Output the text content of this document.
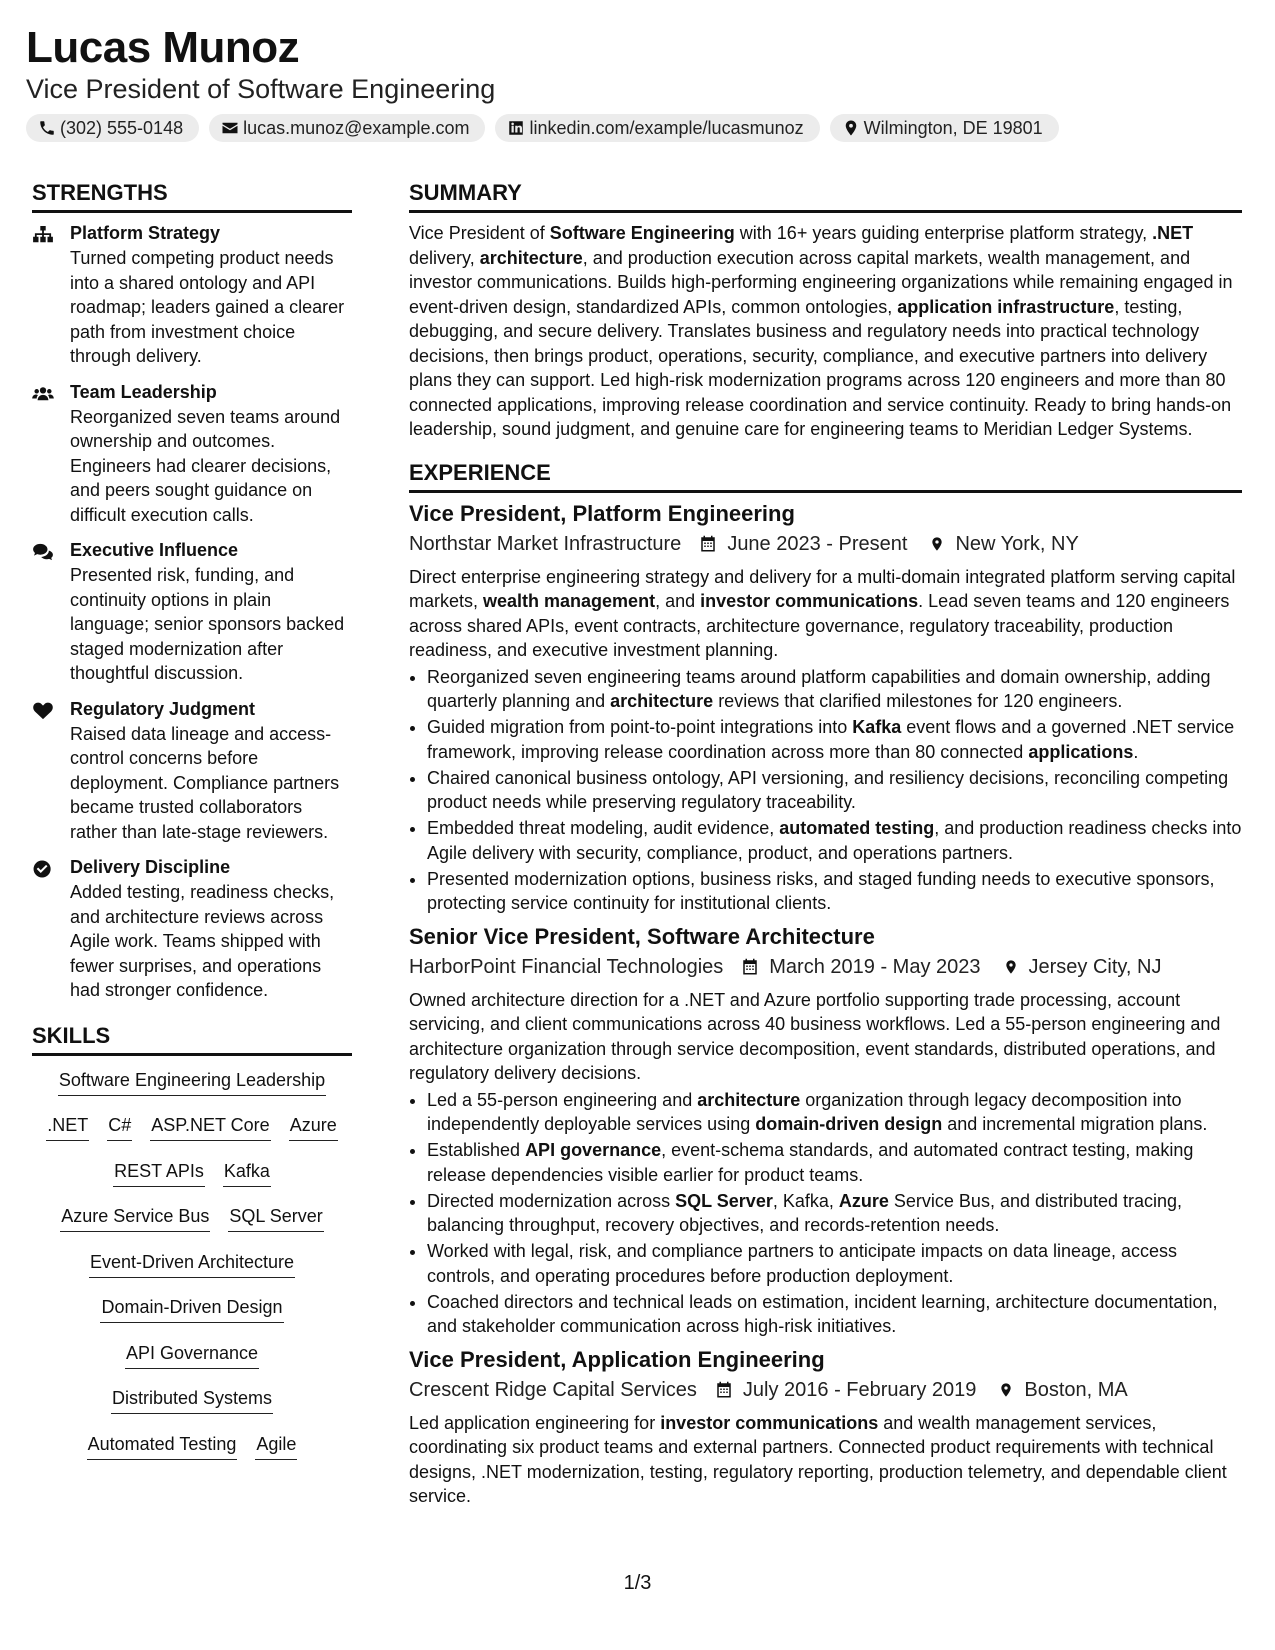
Lucas Munoz
Vice President of Software Engineering
(302) 555-0148	lucas.munoz@example.com	linkedin.com/example/lucasmunoz	Wilmington, DE 19801
STRENGTHS
Platform Strategy
Turned competing product needs into a shared ontology and API roadmap; leaders gained a clearer path from investment choice through delivery.
Team Leadership
Reorganized seven teams around ownership and outcomes. Engineers had clearer decisions, and peers sought guidance on difficult execution calls.
Executive Influence
Presented risk, funding, and continuity options in plain language; senior sponsors backed staged modernization after thoughtful discussion.
Regulatory Judgment
Raised data lineage and access-control concerns before deployment. Compliance partners became trusted collaborators rather than late-stage reviewers.
Delivery Discipline
Added testing, readiness checks, and architecture reviews across Agile work. Teams shipped with fewer surprises, and operations had stronger confidence.
SKILLS
Software Engineering Leadership
.NET C# ASP.NET Core Azure
REST APIs Kafka
Azure Service Bus SQL Server
Event-Driven Architecture
Domain-Driven Design
API Governance
Distributed Systems
Automated Testing Agile
SUMMARY
Vice President of Software Engineering with 16+ years guiding enterprise platform strategy, .NET delivery, architecture, and production execution across capital markets, wealth management, and investor communications. Builds high-performing engineering organizations while remaining engaged in event-driven design, standardized APIs, common ontologies, application infrastructure, testing, debugging, and secure delivery. Translates business and regulatory needs into practical technology decisions, then brings product, operations, security, compliance, and executive partners into delivery plans they can support. Led high-risk modernization programs across 120 engineers and more than 80 connected applications, improving release coordination and service continuity. Ready to bring hands-on leadership, sound judgment, and genuine care for engineering teams to Meridian Ledger Systems.
EXPERIENCE
Vice President, Platform Engineering
Northstar Market Infrastructure June 2023 - Present New York, NY
Direct enterprise engineering strategy and delivery for a multi-domain integrated platform serving capital markets, wealth management, and investor communications. Lead seven teams and 120 engineers across shared APIs, event contracts, architecture governance, regulatory traceability, production readiness, and executive investment planning.
• Reorganized seven engineering teams around platform capabilities and domain ownership, adding quarterly planning and architecture reviews that clarified milestones for 120 engineers.
• Guided migration from point-to-point integrations into Kafka event flows and a governed .NET service framework, improving release coordination across more than 80 connected applications.
• Chaired canonical business ontology, API versioning, and resiliency decisions, reconciling competing product needs while preserving regulatory traceability.
• Embedded threat modeling, audit evidence, automated testing, and production readiness checks into Agile delivery with security, compliance, product, and operations partners.
• Presented modernization options, business risks, and staged funding needs to executive sponsors, protecting service continuity for institutional clients.
Senior Vice President, Software Architecture
HarborPoint Financial Technologies March 2019 - May 2023 Jersey City, NJ
Owned architecture direction for a .NET and Azure portfolio supporting trade processing, account servicing, and client communications across 40 business workflows. Led a 55-person engineering and architecture organization through service decomposition, event standards, distributed operations, and regulatory delivery decisions.
• Led a 55-person engineering and architecture organization through legacy decomposition into independently deployable services using domain-driven design and incremental migration plans.
• Established API governance, event-schema standards, and automated contract testing, making release dependencies visible earlier for product teams.
• Directed modernization across SQL Server, Kafka, Azure Service Bus, and distributed tracing, balancing throughput, recovery objectives, and records-retention needs.
• Worked with legal, risk, and compliance partners to anticipate impacts on data lineage, access controls, and operating procedures before production deployment.
• Coached directors and technical leads on estimation, incident learning, architecture documentation, and stakeholder communication across high-risk initiatives.
Vice President, Application Engineering
Crescent Ridge Capital Services July 2016 - February 2019 Boston, MA
Led application engineering for investor communications and wealth management services, coordinating six product teams and external partners. Connected product requirements with technical designs, .NET modernization, testing, regulatory reporting, production telemetry, and dependable client service.
1/3
